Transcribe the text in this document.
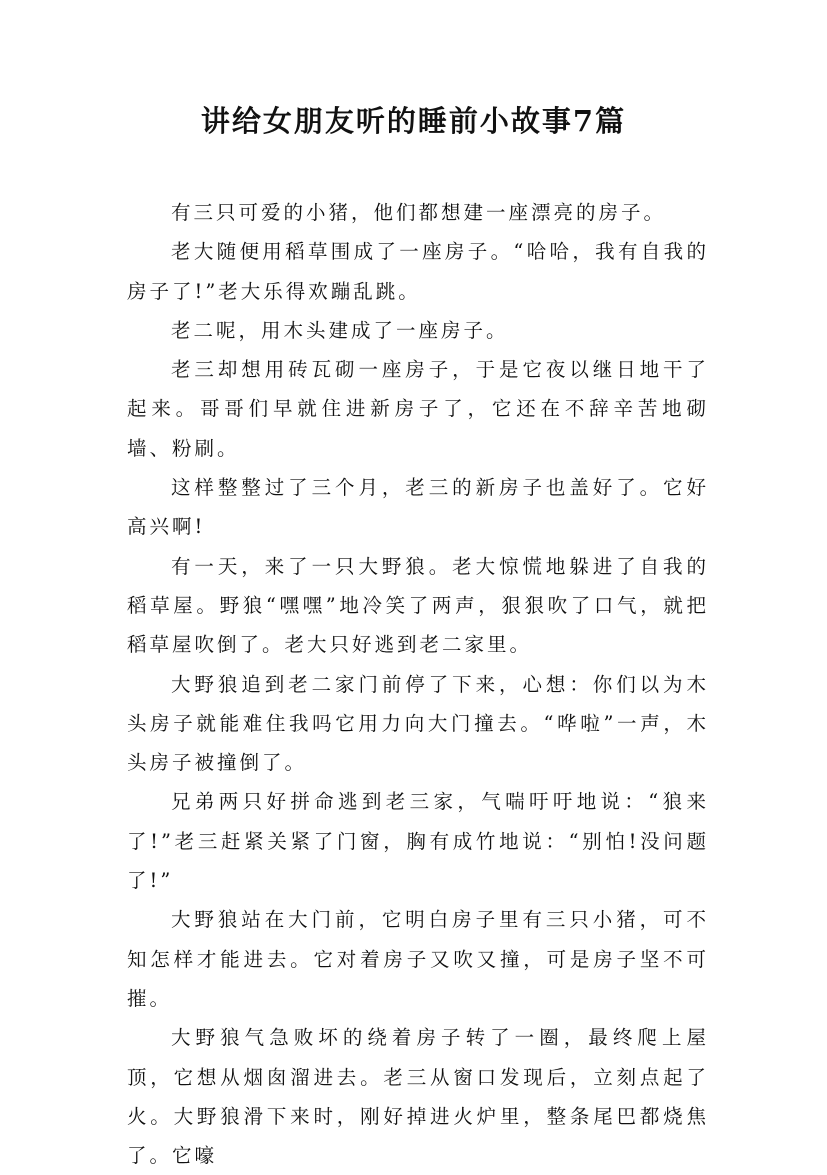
讲给女朋友听的睡前小故事7篇

有三只可爱的小猪，他们都想建一座漂亮的房子。

老大随便用稻草围成了一座房子。“哈哈，我有自我的房子了!”老大乐得欢蹦乱跳。

老二呢，用木头建成了一座房子。

老三却想用砖瓦砌一座房子，于是它夜以继日地干了起来。哥哥们早就住进新房子了，它还在不辞辛苦地砌墙、粉刷。

这样整整过了三个月，老三的新房子也盖好了。它好高兴啊!

有一天，来了一只大野狼。老大惊慌地躲进了自我的稻草屋。野狼“嘿嘿”地冷笑了两声，狠狠吹了口气，就把稻草屋吹倒了。老大只好逃到老二家里。

大野狼追到老二家门前停了下来，心想：你们以为木头房子就能难住我吗它用力向大门撞去。“哗啦”一声，木头房子被撞倒了。

兄弟两只好拼命逃到老三家，气喘吁吁地说：“狼来了!”老三赶紧关紧了门窗，胸有成竹地说：“别怕!没问题了!”

大野狼站在大门前，它明白房子里有三只小猪，可不知怎样才能进去。它对着房子又吹又撞，可是房子坚不可摧。

大野狼气急败坏的绕着房子转了一圈，最终爬上屋顶，它想从烟囱溜进去。老三从窗口发现后，立刻点起了火。大野狼滑下来时，刚好掉进火炉里，整条尾巴都烧焦了。它嚎
